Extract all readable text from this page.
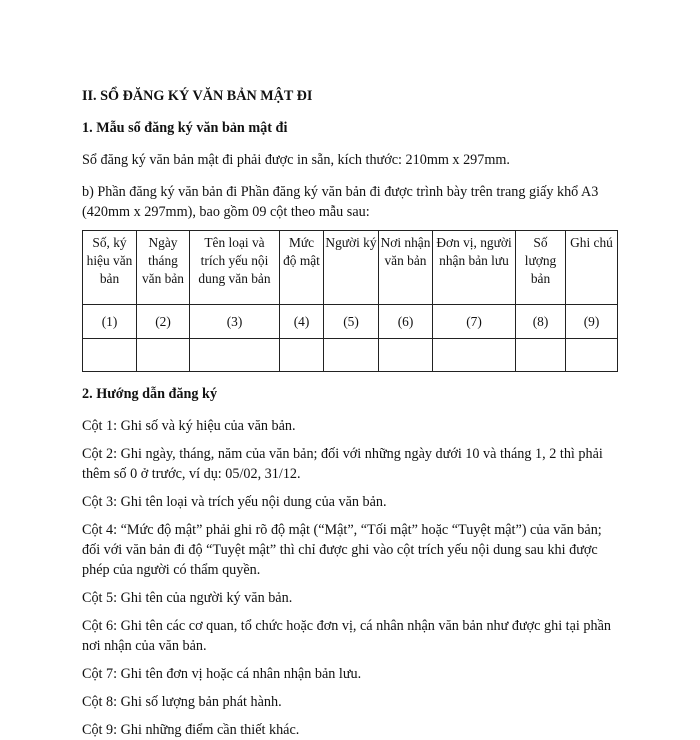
II. SỔ ĐĂNG KÝ VĂN BẢN MẬT ĐI

1. Mẫu sổ đăng ký văn bản mật đi

Sổ đăng ký văn bản mật đi phải được in sẵn, kích thước: 210mm x 297mm.

b) Phần đăng ký văn bản đi Phần đăng ký văn bản đi được trình bày trên trang giấy khổ A3 (420mm x 297mm), bao gồm 09 cột theo mẫu sau:

Số, ký hiệu văn bản	Ngày tháng văn bản	Tên loại và trích yếu nội dung văn bản	Mức độ mật	Người ký	Nơi nhận văn bản	Đơn vị, người nhận bản lưu	Số lượng bản	Ghi chú
(1)	(2)	(3)	(4)	(5)	(6)	(7)	(8)	(9)

2. Hướng dẫn đăng ký

Cột 1: Ghi số và ký hiệu của văn bản.

Cột 2: Ghi ngày, tháng, năm của văn bản; đối với những ngày dưới 10 và tháng 1, 2 thì phải thêm số 0 ở trước, ví dụ: 05/02, 31/12.

Cột 3: Ghi tên loại và trích yếu nội dung của văn bản.

Cột 4: “Mức độ mật” phải ghi rõ độ mật (“Mật”, “Tối mật” hoặc “Tuyệt mật”) của văn bản; đối với văn bản đi độ “Tuyệt mật” thì chỉ được ghi vào cột trích yếu nội dung sau khi được phép của người có thẩm quyền.

Cột 5: Ghi tên của người ký văn bản.

Cột 6: Ghi tên các cơ quan, tổ chức hoặc đơn vị, cá nhân nhận văn bản như được ghi tại phần nơi nhận của văn bản.

Cột 7: Ghi tên đơn vị hoặc cá nhân nhận bản lưu.

Cột 8: Ghi số lượng bản phát hành.

Cột 9: Ghi những điểm cần thiết khác.
